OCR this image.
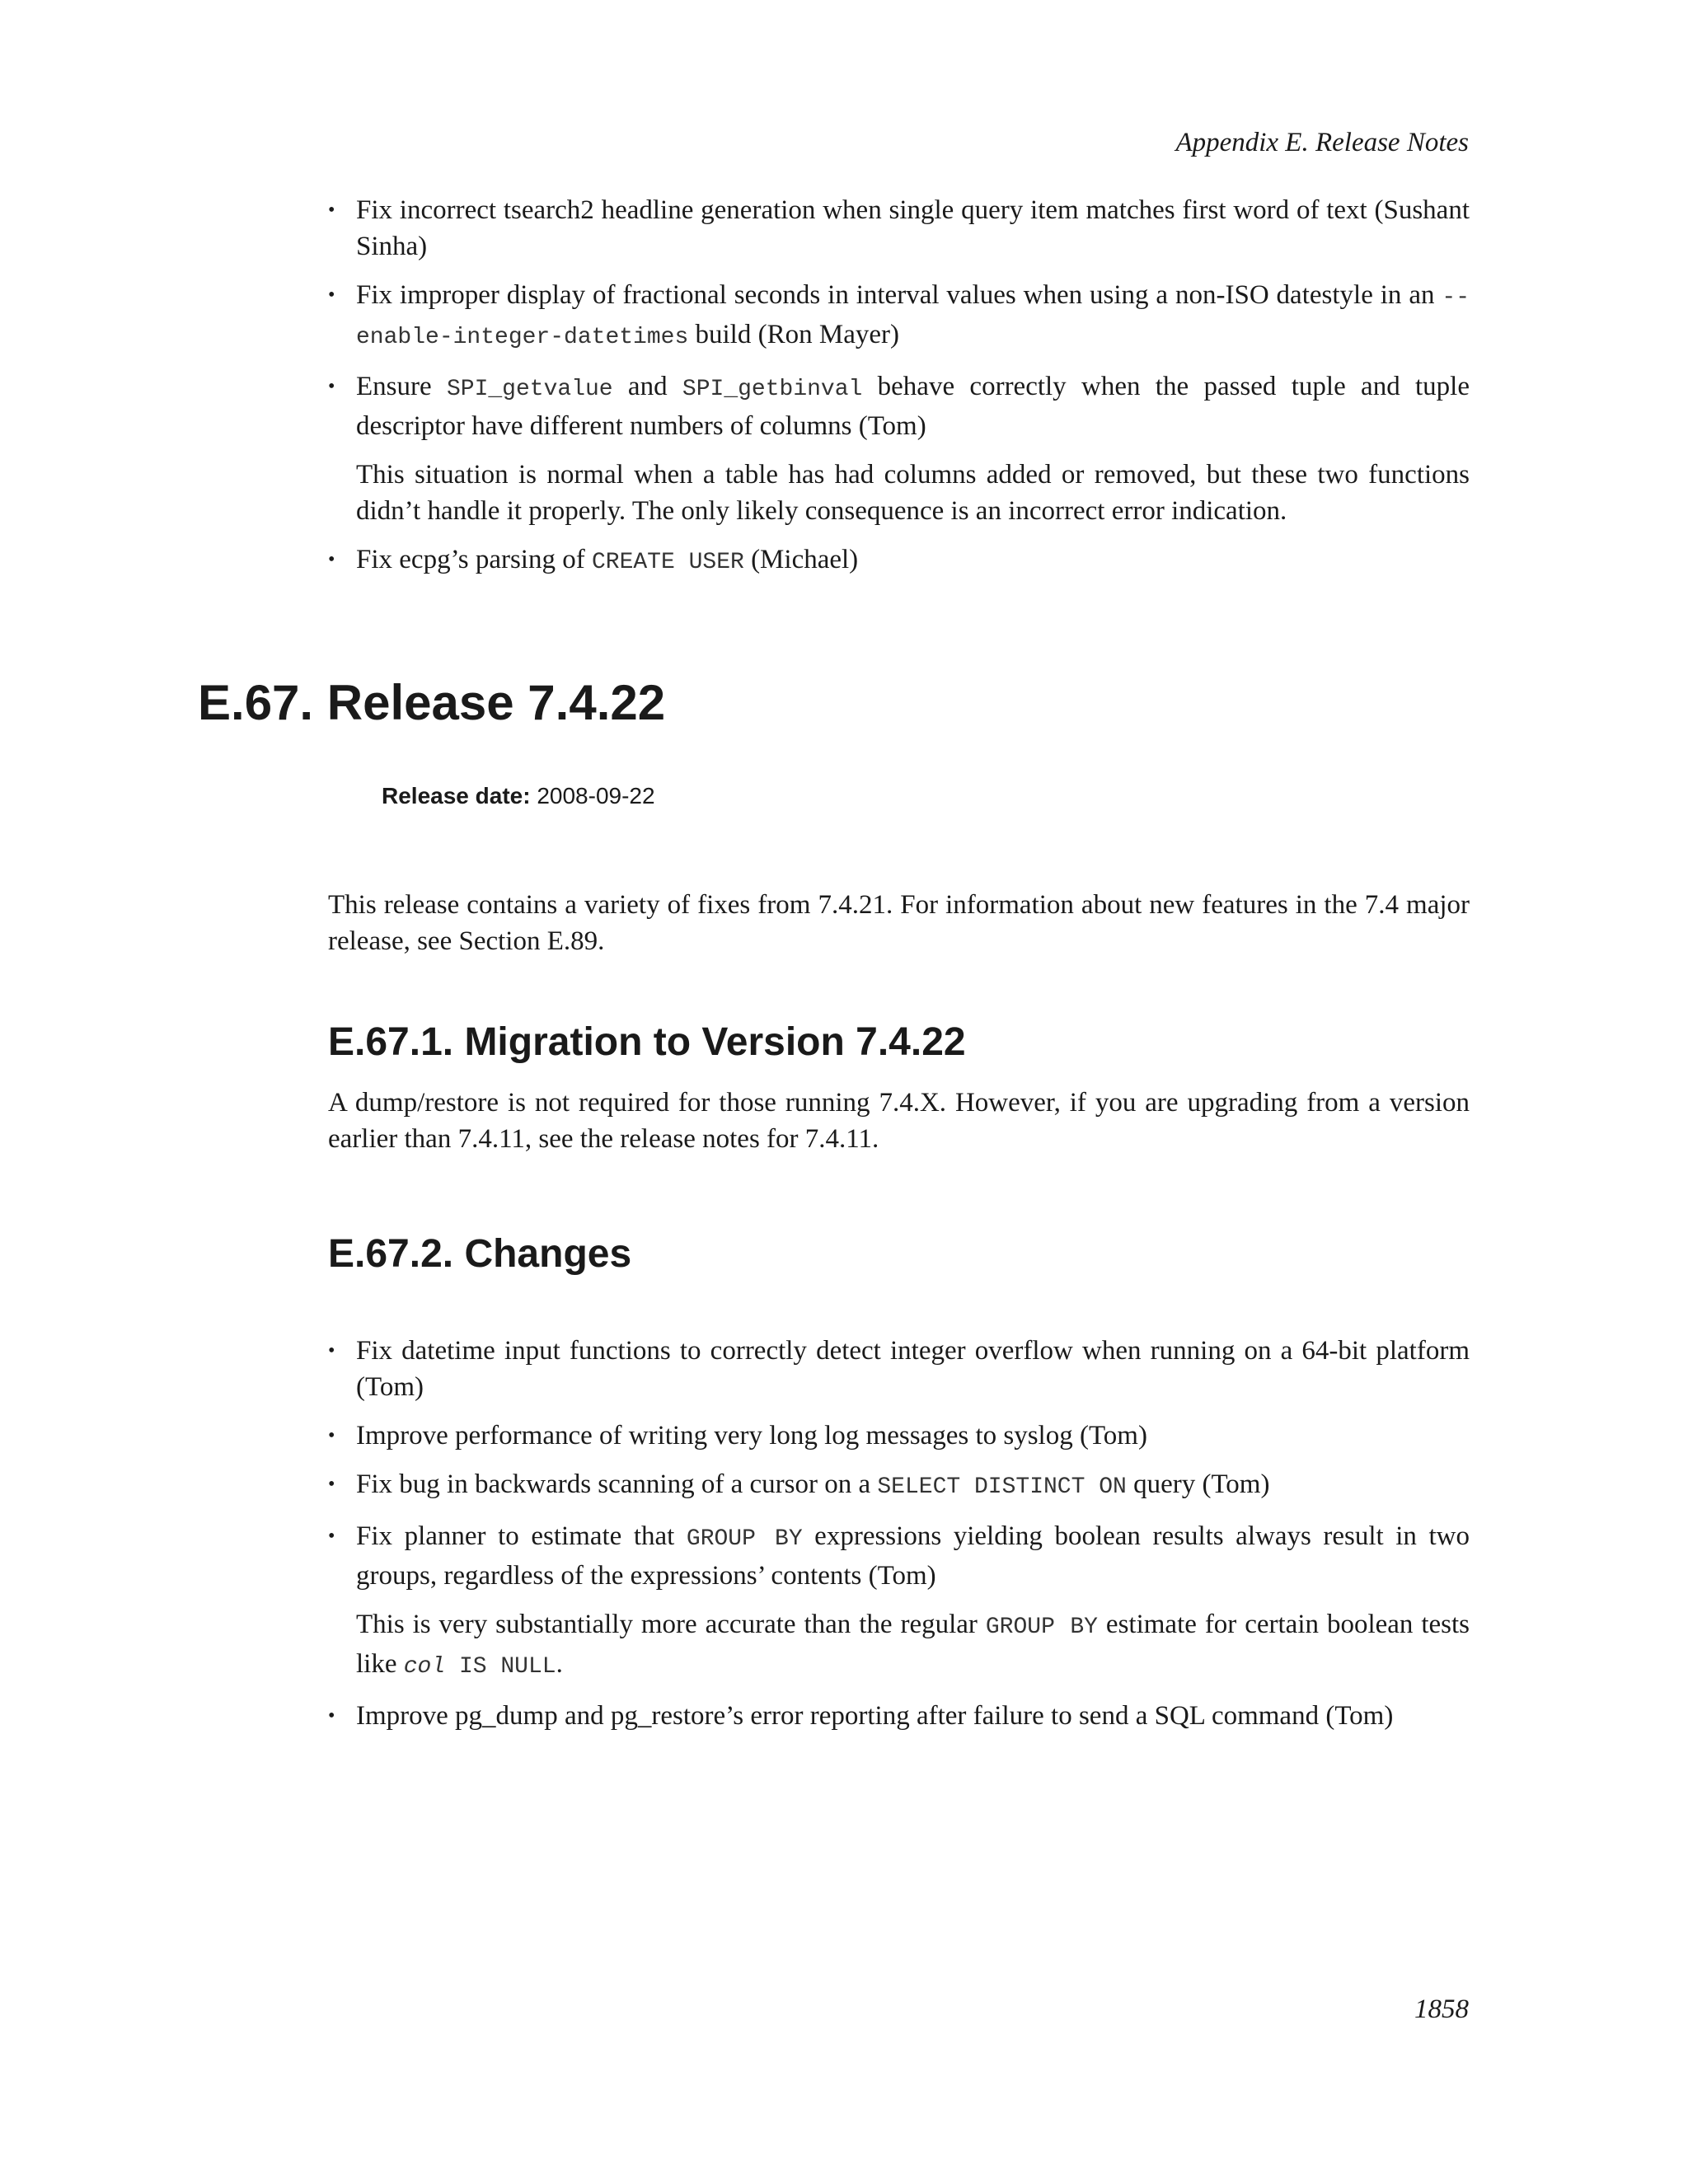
Appendix E. Release Notes
• Fix incorrect tsearch2 headline generation when single query item matches first word of text (Sushant Sinha)
• Fix improper display of fractional seconds in interval values when using a non-ISO datestyle in an --enable-integer-datetimes build (Ron Mayer)
• Ensure SPI_getvalue and SPI_getbinval behave correctly when the passed tuple and tuple descriptor have different numbers of columns (Tom)

This situation is normal when a table has had columns added or removed, but these two functions didn’t handle it properly. The only likely consequence is an incorrect error indication.

• Fix ecpg’s parsing of CREATE USER (Michael)
E.67. Release 7.4.22
Release date: 2008-09-22

This release contains a variety of fixes from 7.4.21. For information about new features in the 7.4 major release, see Section E.89.

E.67.1. Migration to Version 7.4.22

A dump/restore is not required for those running 7.4.X. However, if you are upgrading from a version earlier than 7.4.11, see the release notes for 7.4.11.

E.67.2. Changes
• Fix datetime input functions to correctly detect integer overflow when running on a 64-bit platform (Tom)
• Improve performance of writing very long log messages to syslog (Tom)
• Fix bug in backwards scanning of a cursor on a SELECT DISTINCT ON query (Tom)
• Fix planner to estimate that GROUP BY expressions yielding boolean results always result in two groups, regardless of the expressions’ contents (Tom)

This is very substantially more accurate than the regular GROUP BY estimate for certain boolean tests like col IS NULL.

• Improve pg_dump and pg_restore’s error reporting after failure to send a SQL command (Tom)
1858
